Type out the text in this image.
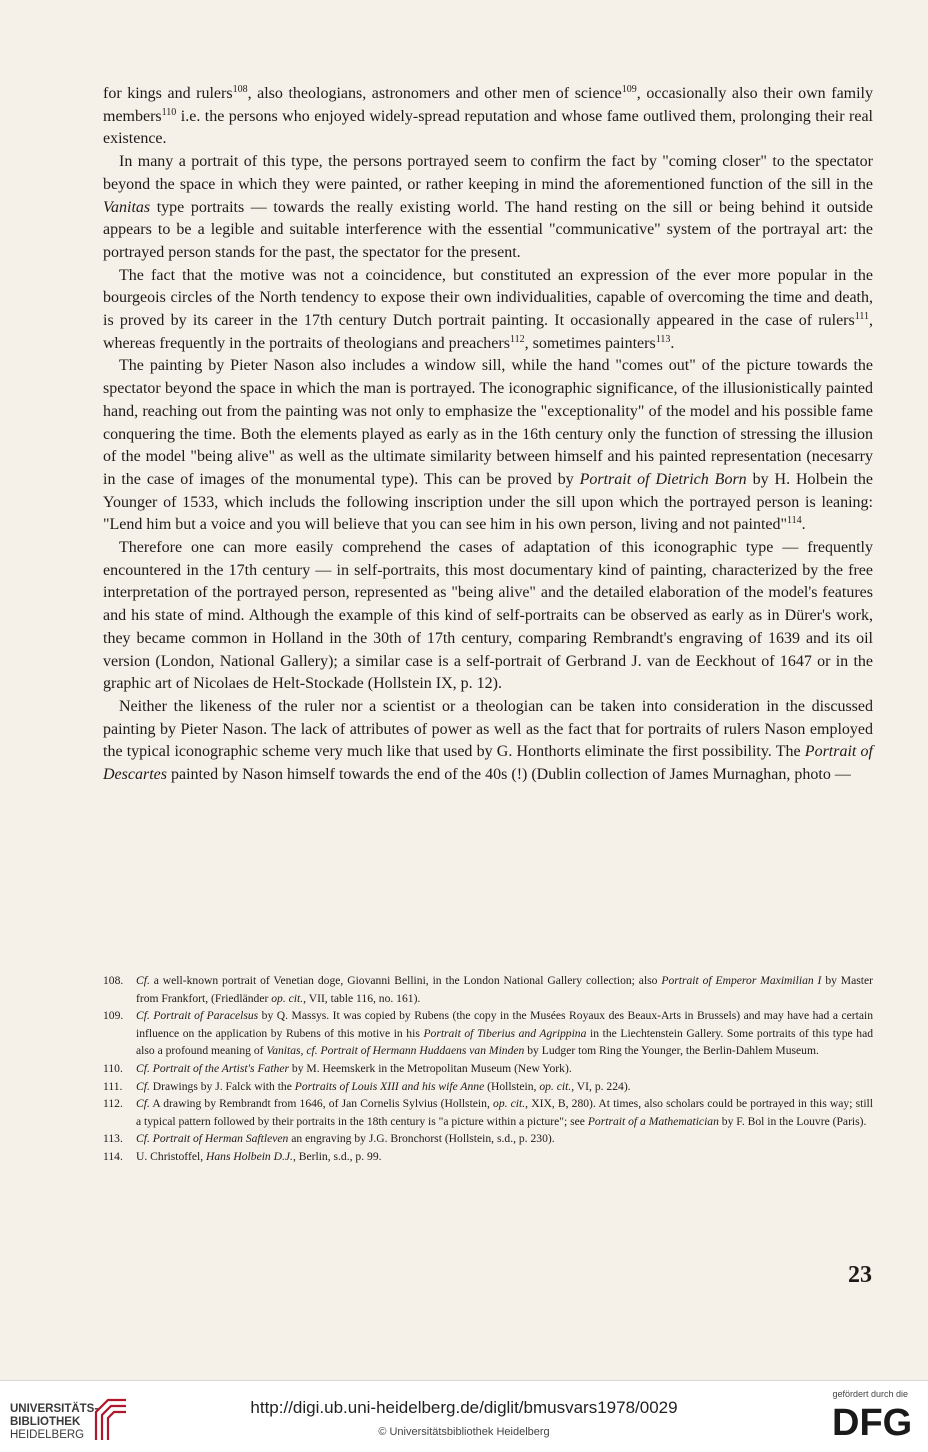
for kings and rulers$^{108}$, also theologians, astronomers and other men of science$^{109}$, occasionally also their own family members$^{110}$ i.e. the persons who enjoyed widely-spread reputation and whose fame outlived them, prolonging their real existence.

In many a portrait of this type, the persons portrayed seem to confirm the fact by "coming closer" to the spectator beyond the space in which they were painted, or rather keeping in mind the aforementioned function of the sill in the Vanitas type portraits — towards the really existing world. The hand resting on the sill or being behind it outside appears to be a legible and suitable interference with the essential "communicative" system of the portrayal art: the portrayed person stands for the past, the spectator for the present.

The fact that the motive was not a coincidence, but constituted an expression of the ever more popular in the bourgeois circles of the North tendency to expose their own individualities, capable of overcoming the time and death, is proved by its career in the 17th century Dutch portrait painting. It occasionally appeared in the case of rulers$^{111}$, whereas frequently in the portraits of theologians and preachers$^{112}$, sometimes painters$^{113}$.

The painting by Pieter Nason also includes a window sill, while the hand "comes out" of the picture towards the spectator beyond the space in which the man is portrayed. The iconographic significance, of the illusionistically painted hand, reaching out from the painting was not only to emphasize the "exceptionality" of the model and his possible fame conquering the time. Both the elements played as early as in the 16th century only the function of stressing the illusion of the model "being alive" as well as the ultimate similarity between himself and his painted representation (necesarry in the case of images of the monumental type). This can be proved by Portrait of Dietrich Born by H. Holbein the Younger of 1533, which includs the following inscription under the sill upon which the portrayed person is leaning: "Lend him but a voice and you will believe that you can see him in his own person, living and not painted"$^{114}$.

Therefore one can more easily comprehend the cases of adaptation of this iconographic type — frequently encountered in the 17th century — in self-portraits, this most documentary kind of painting, characterized by the free interpretation of the portrayed person, represented as "being alive" and the detailed elaboration of the model's features and his state of mind. Although the example of this kind of self-portraits can be observed as early as in Dürer's work, they became common in Holland in the 30th of 17th century, comparing Rembrandt's engraving of 1639 and its oil version (London, National Gallery); a similar case is a self-portrait of Gerbrand J. van de Eeckhout of 1647 or in the graphic art of Nicolaes de Helt-Stockade (Hollstein IX, p. 12).

Neither the likeness of the ruler nor a scientist or a theologian can be taken into consideration in the discussed painting by Pieter Nason. The lack of attributes of power as well as the fact that for portraits of rulers Nason employed the typical iconographic scheme very much like that used by G. Honthorts eliminate the first possibility. The Portrait of Descartes painted by Nason himself towards the end of the 40s (!) (Dublin collection of James Murnaghan, photo —

108.	Cf. a well-known portrait of Venetian doge, Giovanni Bellini, in the London National Gallery collection; also Portrait of Emperor Maximilian I by Master from Frankfort, (Friedländer op. cit., VII, table 116, no. 161).
109.	Cf. Portrait of Paracelsus by Q. Massys. It was copied by Rubens (the copy in the Musées Royaux des Beaux-Arts in Brussels) and may have had a certain influence on the application by Rubens of this motive in his Portrait of Tiberius and Agrippina in the Liechtenstein Gallery. Some portraits of this type had also a profound meaning of Vanitas, cf. Portrait of Hermann Huddaens van Minden by Ludger tom Ring the Younger, the Berlin-Dahlem Museum.
110.	Cf. Portrait of the Artist's Father by M. Heemskerk in the Metropolitan Museum (New York).
111.	Cf. Drawings by J. Falck with the Portraits of Louis XIII and his wife Anne (Hollstein, op. cit., VI, p. 224).
112.	Cf. A drawing by Rembrandt from 1646, of Jan Cornelis Sylvius (Hollstein, op. cit., XIX, B, 280). At times, also scholars could be portrayed in this way; still a typical pattern followed by their portraits in the 18th century is "a picture within a picture"; see Portrait of a Mathematician by F. Bol in the Louvre (Paris).
113.	Cf. Portrait of Herman Saftleven an engraving by J.G. Bronchorst (Hollstein, s.d., p. 230).
114.	U. Christoffel, Hans Holbein D.J., Berlin, s.d., p. 99.
23
UNIVERSITÄTS-
BIBLIOTHEK
HEIDELBERG
http://digi.ub.uni-heidelberg.de/diglit/bmusvars1978/0029
© Universitätsbibliothek Heidelberg
gefördert durch die
DFG
